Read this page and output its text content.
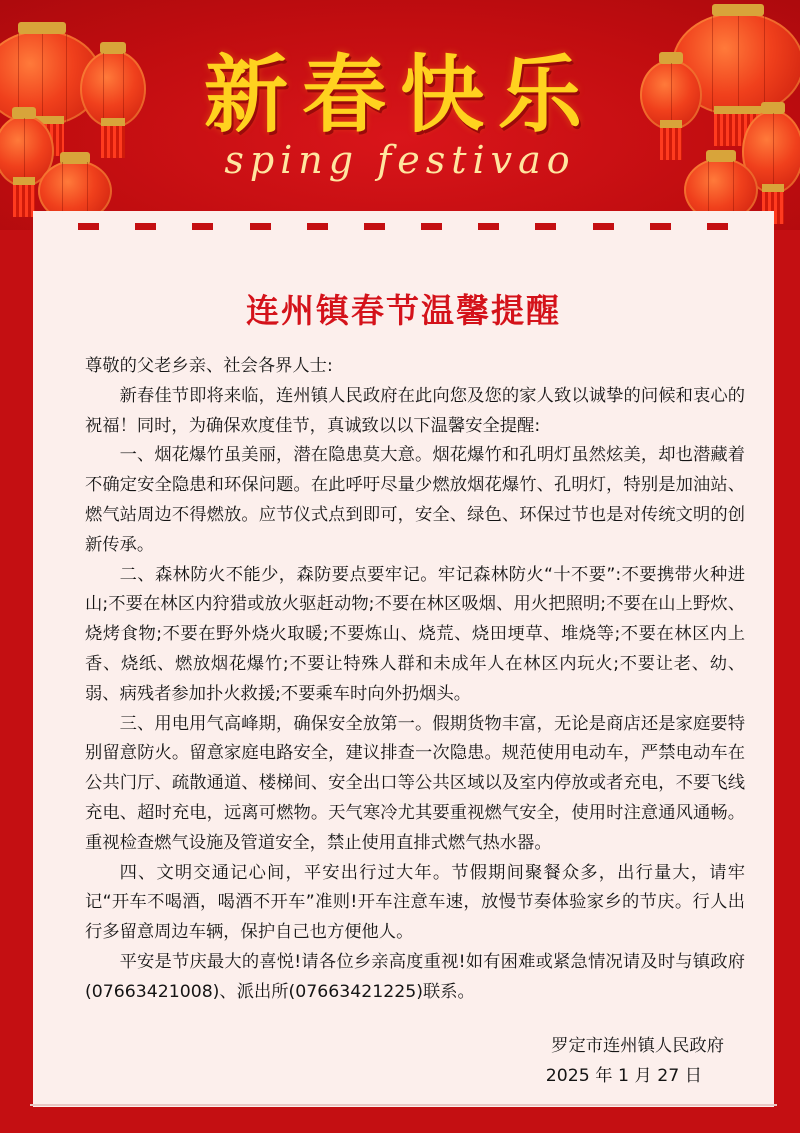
新春快乐
sping festivao
连州镇春节温馨提醒

尊敬的父老乡亲、社会各界人士:

新春佳节即将来临，连州镇人民政府在此向您及您的家人致以诚挚的问候和衷心的祝福！同时，为确保欢度佳节，真诚致以以下温馨安全提醒:

一、烟花爆竹虽美丽，潜在隐患莫大意。烟花爆竹和孔明灯虽然炫美，却也潜藏着不确定安全隐患和环保问题。在此呼吁尽量少燃放烟花爆竹、孔明灯，特别是加油站、燃气站周边不得燃放。应节仪式点到即可，安全、绿色、环保过节也是对传统文明的创新传承。

二、森林防火不能少，森防要点要牢记。牢记森林防火“十不要”:不要携带火种进山;不要在林区内狩猎或放火驱赶动物;不要在林区吸烟、用火把照明;不要在山上野炊、烧烤食物;不要在野外烧火取暖;不要炼山、烧荒、烧田埂草、堆烧等;不要在林区内上香、烧纸、燃放烟花爆竹;不要让特殊人群和未成年人在林区内玩火;不要让老、幼、弱、病残者参加扑火救援;不要乘车时向外扔烟头。

三、用电用气高峰期，确保安全放第一。假期货物丰富，无论是商店还是家庭要特别留意防火。留意家庭电路安全，建议排查一次隐患。规范使用电动车，严禁电动车在公共门厅、疏散通道、楼梯间、安全出口等公共区域以及室内停放或者充电，不要飞线充电、超时充电，远离可燃物。天气寒冷尤其要重视燃气安全，使用时注意通风通畅。重视检查燃气设施及管道安全，禁止使用直排式燃气热水器。

四、文明交通记心间，平安出行过大年。节假期间聚餐众多，出行量大，请牢记“开车不喝酒，喝酒不开车”准则!开车注意车速，放慢节奏体验家乡的节庆。行人出行多留意周边车辆，保护自己也方便他人。

平安是节庆最大的喜悦!请各位乡亲高度重视!如有困难或紧急情况请及时与镇政府(07663421008)、派出所(07663421225)联系。

罗定市连州镇人民政府
2025 年 1 月 27 日
